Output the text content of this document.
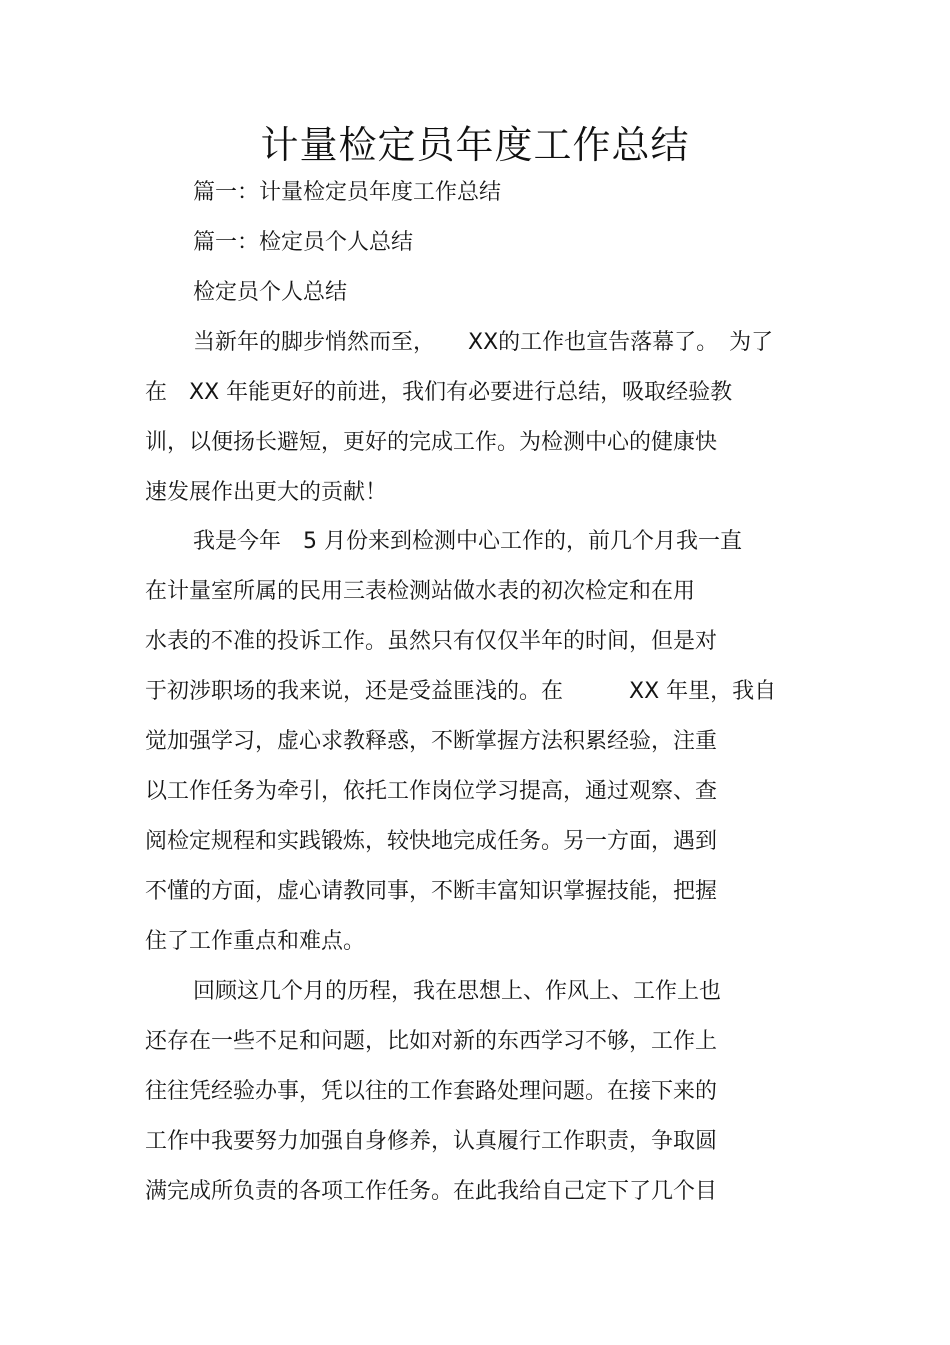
计量检定员年度工作总结
篇一：计量检定员年度工作总结
篇一：检定员个人总结
检定员个人总结
当新年的脚步悄然而至，　　XX的工作也宣告落幕了。　为了
在　XX 年能更好的前进，我们有必要进行总结，吸取经验教
训，以便扬长避短，更好的完成工作。为检测中心的健康快
速发展作出更大的贡献！
我是今年　5 月份来到检测中心工作的，前几个月我一直
在计量室所属的民用三表检测站做水表的初次检定和在用
水表的不准的投诉工作。虽然只有仅仅半年的时间，但是对
于初涉职场的我来说，还是受益匪浅的。在　　　XX 年里，我自
觉加强学习，虚心求教释惑，不断掌握方法积累经验，注重
以工作任务为牵引，依托工作岗位学习提高，通过观察、查
阅检定规程和实践锻炼，较快地完成任务。另一方面，遇到
不懂的方面，虚心请教同事，不断丰富知识掌握技能，把握
住了工作重点和难点。
回顾这几个月的历程，我在思想上、作风上、工作上也
还存在一些不足和问题，比如对新的东西学习不够，工作上
往往凭经验办事，凭以往的工作套路处理问题。在接下来的
工作中我要努力加强自身修养，认真履行工作职责，争取圆
满完成所负责的各项工作任务。在此我给自己定下了几个目
